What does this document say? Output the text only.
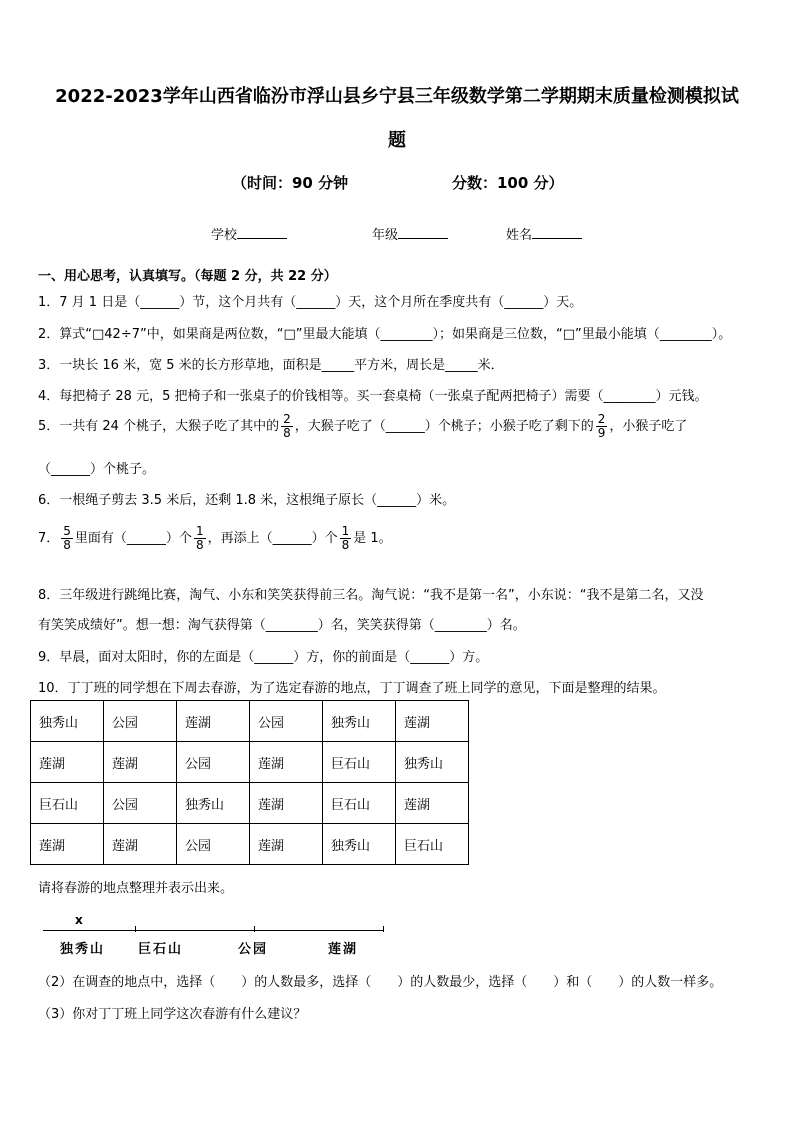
2022-2023学年山西省临汾市浮山县乡宁县三年级数学第二学期期末质量检测模拟试
题
（时间：90 分钟	分数：100 分）
学校	年级	姓名
一、用心思考，认真填写。（每题 2 分，共 22 分）
1．7 月 1 日是（______）节，这个月共有（______）天，这个月所在季度共有（______）天。
2．算式“□42÷7”中，如果商是两位数，“□”里最大能填（________）；如果商是三位数，“□”里最小能填（________）。
3．一块长 16 米，宽 5 米的长方形草地，面积是_____平方米，周长是_____米．
4．每把椅子 28 元，5 把椅子和一张桌子的价钱相等。买一套桌椅（一张桌子配两把椅子）需要（________）元钱。
5．一共有 24 个桃子，大猴子吃了其中的 $\frac{2}{8}$ ，大猴子吃了（______）个桃子；小猴子吃了剩下的 $\frac{2}{9}$ ，小猴子吃了
（______）个桃子。
6．一根绳子剪去 3.5 米后，还剩 1.8 米，这根绳子原长（______）米。
7． $\frac{5}{8}$ 里面有（______）个 $\frac{1}{8}$ ，再添上（______）个 $\frac{1}{8}$ 是 1。
8．三年级进行跳绳比赛，淘气、小东和笑笑获得前三名。淘气说：“我不是第一名”，小东说：“我不是第二名，又没
有笑笑成绩好”。想一想：淘气获得第（________）名，笑笑获得第（________）名。
9．早晨，面对太阳时，你的左面是（______）方，你的前面是（______）方。
10．丁丁班的同学想在下周去春游，为了选定春游的地点，丁丁调查了班上同学的意见，下面是整理的结果。
独秀山	公园	莲湖	公园	独秀山	莲湖
莲湖	莲湖	公园	莲湖	巨石山	独秀山
巨石山	公园	独秀山	莲湖	巨石山	莲湖
莲湖	莲湖	公园	莲湖	独秀山	巨石山
请将春游的地点整理并表示出来。
x
独秀山	巨石山	公园	莲湖
（2）在调查的地点中，选择（　　）的人数最多，选择（　　）的人数最少，选择（　　）和（　　）的人数一样多。
（3）你对丁丁班上同学这次春游有什么建议？
